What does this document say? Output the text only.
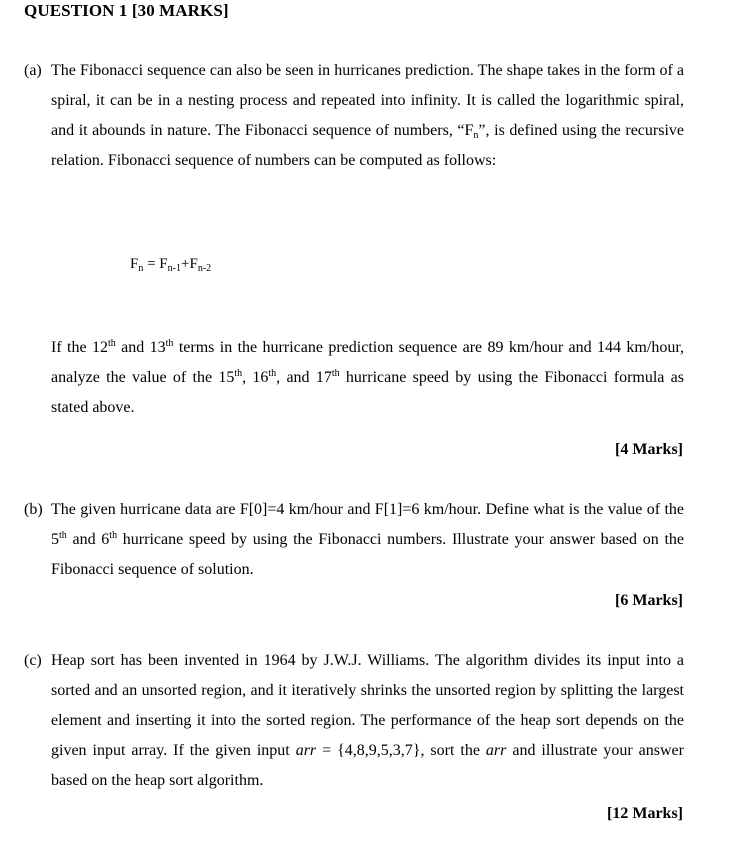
QUESTION 1 [30 MARKS]
(a) The Fibonacci sequence can also be seen in hurricanes prediction. The shape takes in the form of a spiral, it can be in a nesting process and repeated into infinity. It is called the logarithmic spiral, and it abounds in nature. The Fibonacci sequence of numbers, “$F_n$”, is defined using the recursive relation. Fibonacci sequence of numbers can be computed as follows:
$F_n = F_{n-1}+F_{n-2}$
If the 12th and 13th terms in the hurricane prediction sequence are 89 km/hour and 144 km/hour, analyze the value of the 15th, 16th, and 17th hurricane speed by using the Fibonacci formula as stated above.
[4 Marks]
(b) The given hurricane data are F[0]=4 km/hour and F[1]=6 km/hour. Define what is the value of the 5th and 6th hurricane speed by using the Fibonacci numbers. Illustrate your answer based on the Fibonacci sequence of solution.
[6 Marks]
(c) Heap sort has been invented in 1964 by J.W.J. Williams. The algorithm divides its input into a sorted and an unsorted region, and it iteratively shrinks the unsorted region by splitting the largest element and inserting it into the sorted region. The performance of the heap sort depends on the given input array. If the given input arr = {4,8,9,5,3,7}, sort the arr and illustrate your answer based on the heap sort algorithm.
[12 Marks]
